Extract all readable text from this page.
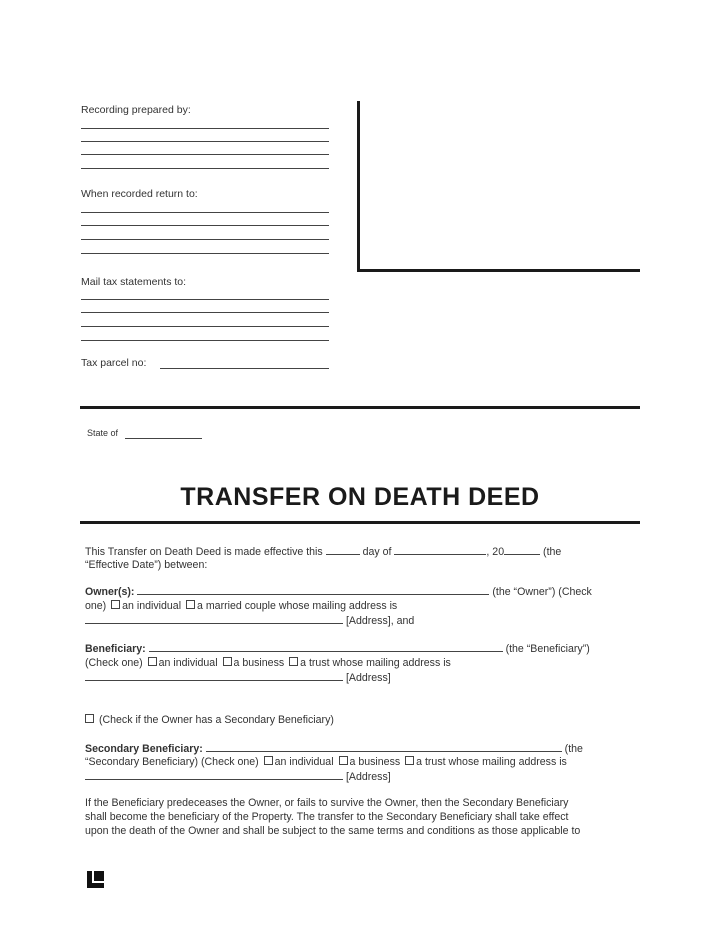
Recording prepared by:
When recorded return to:
Mail tax statements to:
Tax parcel no:
State of
TRANSFER ON DEATH DEED
This Transfer on Death Deed is made effective this	day of	, 20	(the
“Effective Date”) between:
Owner(s):	(the “Owner”) (Check
one) an individual a married couple whose mailing address is
[Address], and
Beneficiary:	(the “Beneficiary”)
(Check one) an individual a business a trust whose mailing address is
[Address]
(Check if the Owner has a Secondary Beneficiary)
Secondary Beneficiary:	(the
“Secondary Beneficiary) (Check one) an individual a business a trust whose mailing address is
[Address]
If the Beneficiary predeceases the Owner, or fails to survive the Owner, then the Secondary Beneficiary
shall become the beneficiary of the Property. The transfer to the Secondary Beneficiary shall take effect
upon the death of the Owner and shall be subject to the same terms and conditions as those applicable to
